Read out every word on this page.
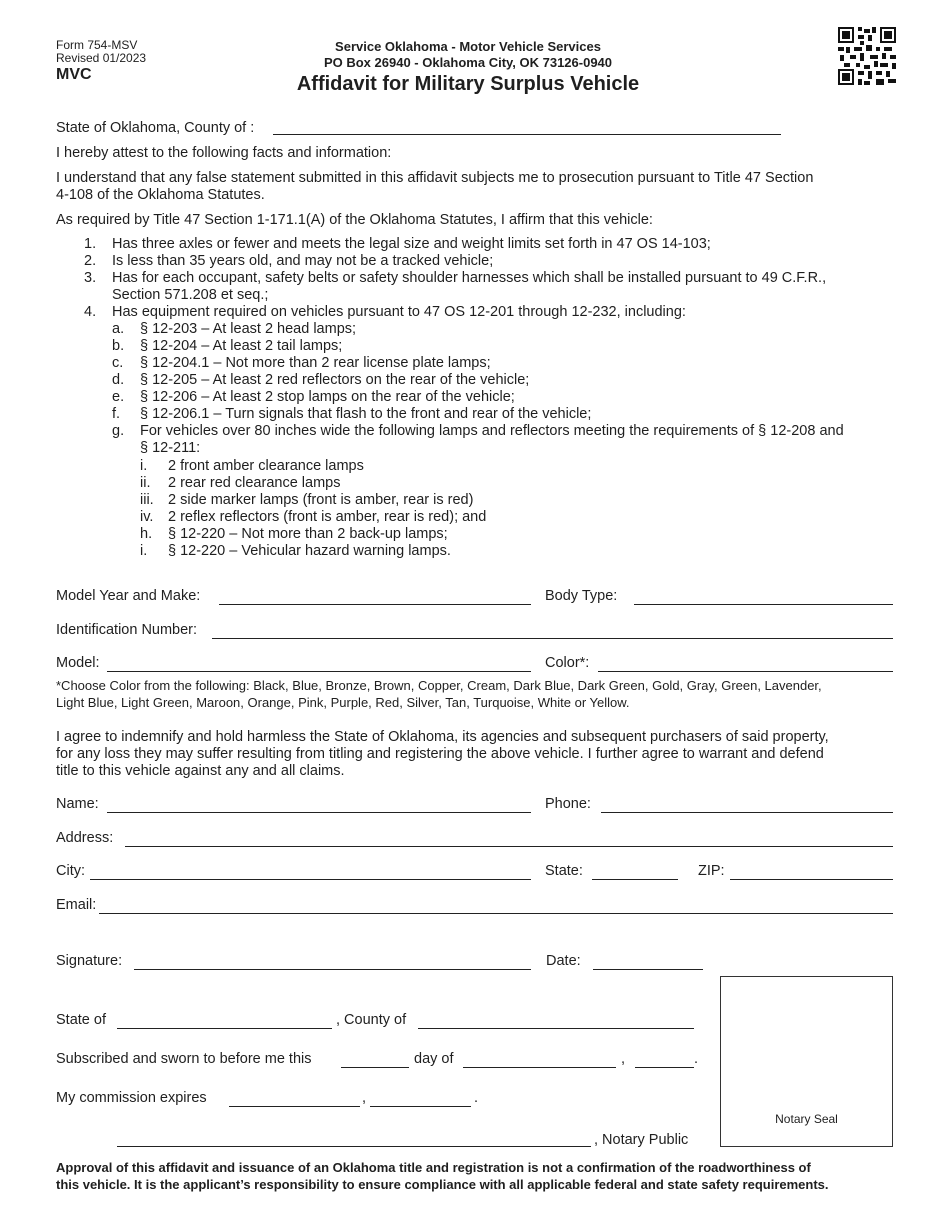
Form 754-MSV
Revised 01/2023
MVC
Service Oklahoma - Motor Vehicle Services
PO Box 26940 - Oklahoma City, OK 73126-0940
Affidavit for Military Surplus Vehicle
State of Oklahoma, County of :
I hereby attest to the following facts and information:
I understand that any false statement submitted in this affidavit subjects me to prosecution pursuant to Title 47 Section
4-108 of the Oklahoma Statutes.
As required by Title 47 Section 1-171.1(A) of the Oklahoma Statutes, I affirm that this vehicle:
1. Has three axles or fewer and meets the legal size and weight limits set forth in 47 OS 14-103;
2. Is less than 35 years old, and may not be a tracked vehicle;
3. Has for each occupant, safety belts or safety shoulder harnesses which shall be installed pursuant to 49 C.F.R.,
Section 571.208 et seq.;
4. Has equipment required on vehicles pursuant to 47 OS 12-201 through 12-232, including:
a. § 12-203 – At least 2 head lamps;
b. § 12-204 – At least 2 tail lamps;
c. § 12-204.1 – Not more than 2 rear license plate lamps;
d. § 12-205 – At least 2 red reflectors on the rear of the vehicle;
e. § 12-206 – At least 2 stop lamps on the rear of the vehicle;
f. § 12-206.1 – Turn signals that flash to the front and rear of the vehicle;
g. For vehicles over 80 inches wide the following lamps and reflectors meeting the requirements of § 12-208 and
§ 12-211:
i. 2 front amber clearance lamps
ii. 2 rear red clearance lamps
iii. 2 side marker lamps (front is amber, rear is red)
iv. 2 reflex reflectors (front is amber, rear is red); and
h. § 12-220 – Not more than 2 back-up lamps;
i. § 12-220 – Vehicular hazard warning lamps.
Model Year and Make:	Body Type:
Identification Number:
Model:	Color*:
*Choose Color from the following: Black, Blue, Bronze, Brown, Copper, Cream, Dark Blue, Dark Green, Gold, Gray, Green, Lavender,
Light Blue, Light Green, Maroon, Orange, Pink, Purple, Red, Silver, Tan, Turquoise, White or Yellow.
I agree to indemnify and hold harmless the State of Oklahoma, its agencies and subsequent purchasers of said property,
for any loss they may suffer resulting from titling and registering the above vehicle. I further agree to warrant and defend
title to this vehicle against any and all claims.
Name:	Phone:
Address:
City:	State:	ZIP:
Email:
Signature:	Date:
Notary Seal
State of	, County of
Subscribed and sworn to before me this	day of	,	.
My commission expires	,	.
, Notary Public
Approval of this affidavit and issuance of an Oklahoma title and registration is not a confirmation of the roadworthiness of
this vehicle. It is the applicant’s responsibility to ensure compliance with all applicable federal and state safety requirements.
